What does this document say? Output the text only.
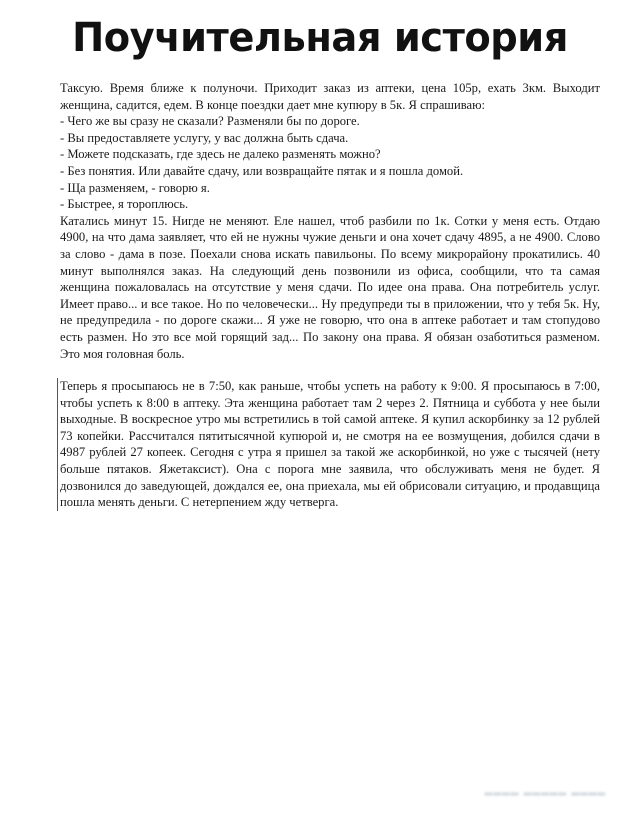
Поучительная история
Таксую. Время ближе к полуночи. Приходит заказ из аптеки, цена 105р, ехать 3км. Выходит женщина, садится, едем. В конце поездки дает мне купюру в 5к. Я спрашиваю:
- Чего же вы сразу не сказали? Разменяли бы по дороге.
- Вы предоставляете услугу, у вас должна быть сдача.
- Можете подсказать, где здесь не далеко разменять можно?
- Без понятия. Или давайте сдачу, или возвращайте пятак и я пошла домой.
- Ща разменяем, - говорю я.
- Быстрее, я тороплюсь.
Катались минут 15. Нигде не меняют. Еле нашел, чтоб разбили по 1к. Сотки у меня есть. Отдаю 4900, на что дама заявляет, что ей не нужны чужие деньги и она хочет сдачу 4895, а не 4900. Слово за слово - дама в позе. Поехали снова искать павильоны. По всему микрорайону прокатились. 40 минут выполнялся заказ. На следующий день позвонили из офиса, сообщили, что та самая женщина пожаловалась на отсутствие у меня сдачи. По идее она права. Она потребитель услуг. Имеет право... и все такое. Но по человечески... Ну предупреди ты в приложении, что у тебя 5к. Ну, не предупредила - по дороге скажи... Я уже не говорю, что она в аптеке работает и там стопудово есть размен. Но это все мой горящий зад... По закону она права. Я обязан озаботиться разменом. Это моя головная боль.
Теперь я просыпаюсь не в 7:50, как раньше, чтобы успеть на работу к 9:00. Я просыпаюсь в 7:00, чтобы успеть к 8:00 в аптеку. Эта женщина работает там 2 через 2. Пятница и суббота у нее были выходные. В воскресное утро мы встретились в той самой аптеке. Я купил аскорбинку за 12 рублей 73 копейки. Рассчитался пятитысячной купюрой и, не смотря на ее возмущения, добился сдачи в 4987 рублей 27 копеек. Сегодня с утра я пришел за такой же аскорбинкой, но уже с тысячей (нету больше пятаков. Яжетаксист). Она с порога мне заявила, что обслуживать меня не будет. Я дозвонился до заведующей, дождался ее, она приехала, мы ей обрисовали ситуацию, и продавщица пошла менять деньги. С нетерпением жду четверга.
▂▂▂▂ ▂▂▂▂▂ ▂▂▂▂
